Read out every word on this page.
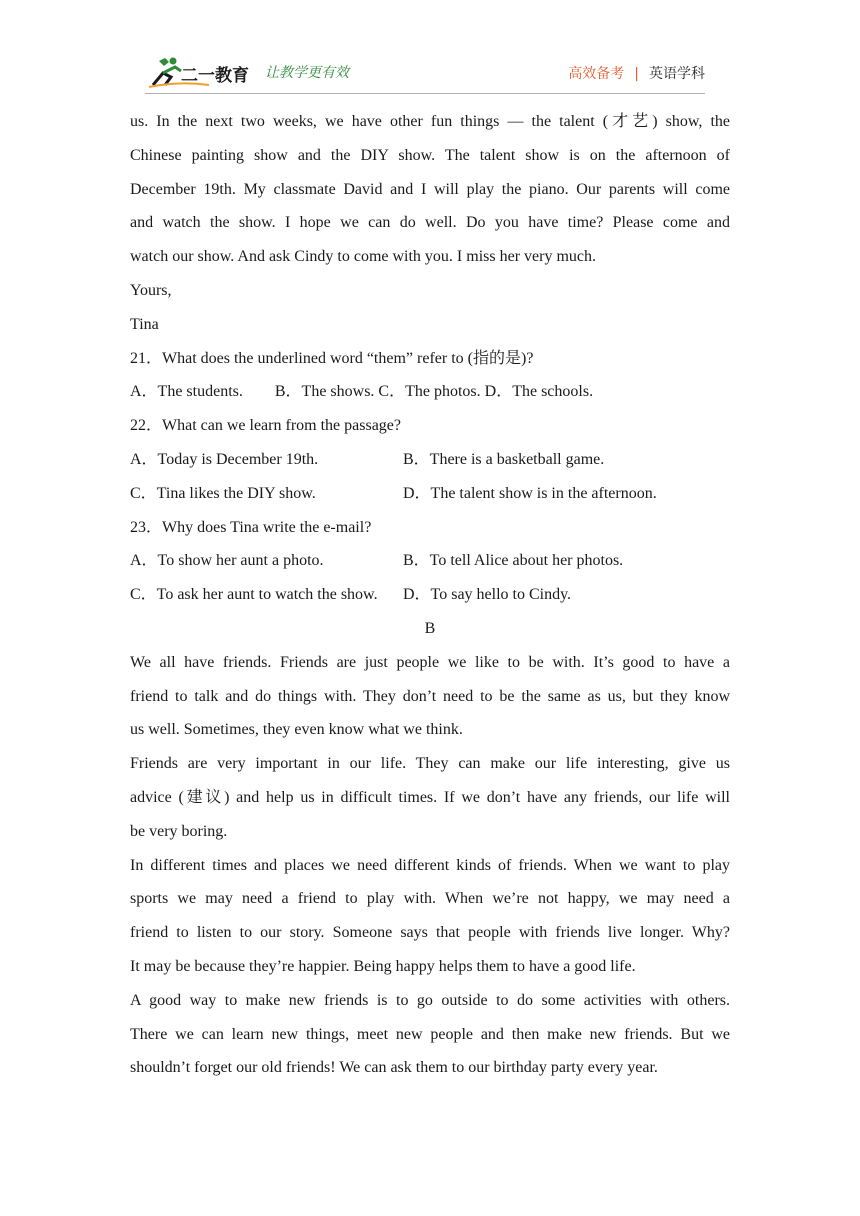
二一教育 让教学更有效	高效备考 | 英语学科
us. In the next two weeks, we have other fun things — the talent (才艺) show, the
Chinese painting show and the DIY show. The talent show is on the afternoon of
December 19th. My classmate David and I will play the piano. Our parents will come
and watch the show. I hope we can do well. Do you have time? Please come and
watch our show. And ask Cindy to come with you. I miss her very much.
Yours,
Tina
21．What does the underlined word “them” refer to (指的是)?
A．The students.　　B．The shows. C．The photos. D．The schools.
22．What can we learn from the passage?
A．Today is December 19th.	B．There is a basketball game.
C．Tina likes the DIY show.	D．The talent show is in the afternoon.
23．Why does Tina write the e-mail?
A．To show her aunt a photo.	B．To tell Alice about her photos.
C．To ask her aunt to watch the show. D．To say hello to Cindy.
B
We all have friends. Friends are just people we like to be with. It’s good to have a
friend to talk and do things with. They don’t need to be the same as us, but they know
us well. Sometimes, they even know what we think.
Friends are very important in our life. They can make our life interesting, give us
advice (建议) and help us in difficult times. If we don’t have any friends, our life will
be very boring.
In different times and places we need different kinds of friends. When we want to play
sports we may need a friend to play with. When we’re not happy, we may need a
friend to listen to our story. Someone says that people with friends live longer. Why?
It may be because they’re happier. Being happy helps them to have a good life.
A good way to make new friends is to go outside to do some activities with others.
There we can learn new things, meet new people and then make new friends. But we
shouldn’t forget our old friends! We can ask them to our birthday party every year.
